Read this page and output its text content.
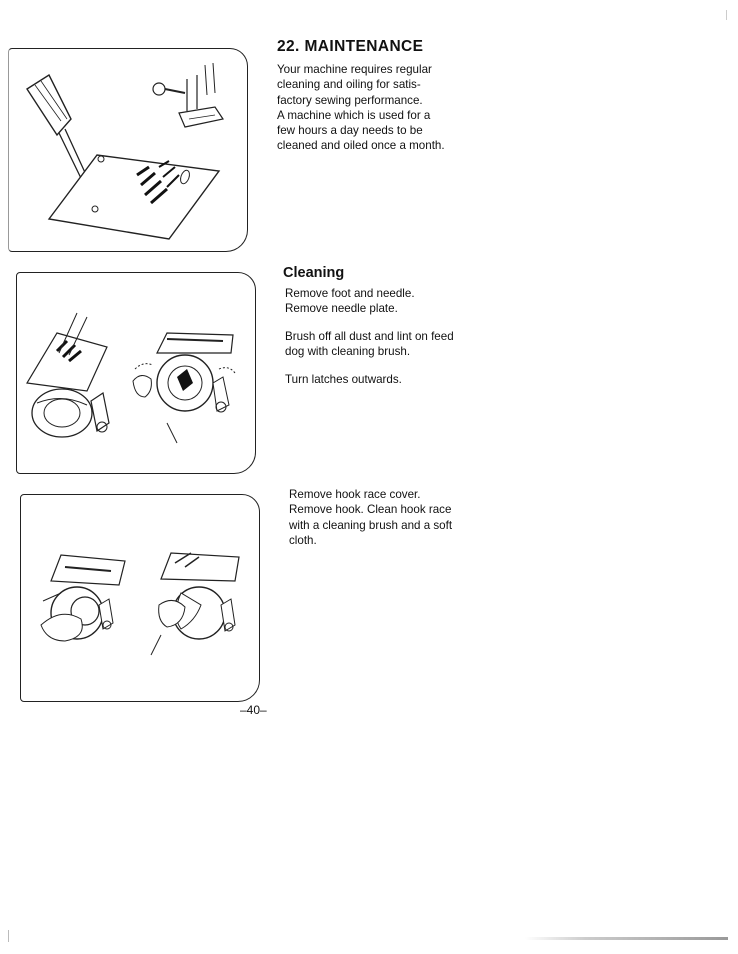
22. MAINTENANCE

Your machine requires regular
cleaning and oiling for satis-
factory sewing performance.
A machine which is used for a
few hours a day needs to be
cleaned and oiled once a month.

Cleaning

Remove foot and needle.
Remove needle plate.

Brush off all dust and lint on feed
dog with cleaning brush.

Turn latches outwards.

Remove hook race cover.
Remove hook. Clean hook race
with a cleaning brush and a soft
cloth.

–40–
